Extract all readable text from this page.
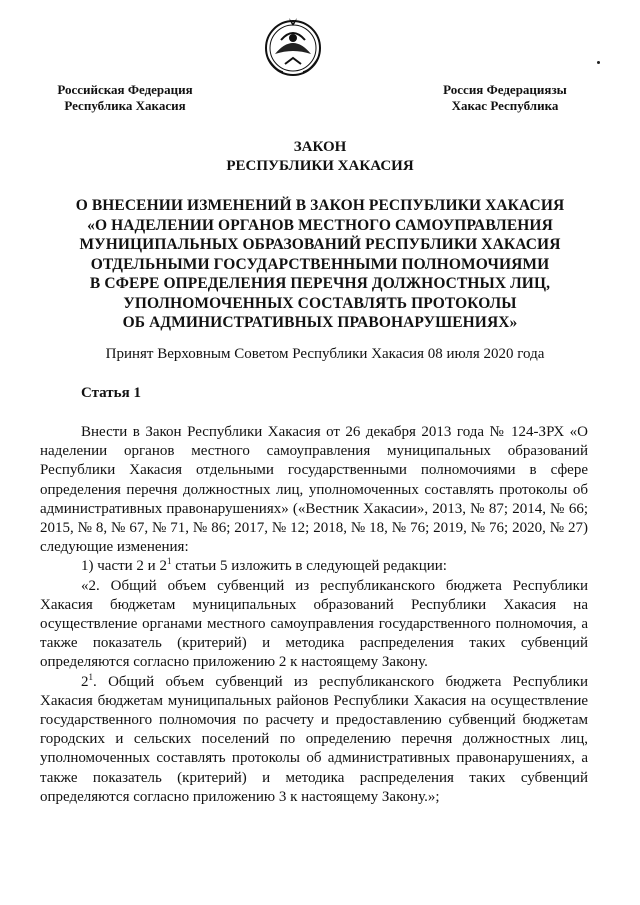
Российская Федерация
Республика Хакасия
Россия Федерациязы
Хакас Республика
ЗАКОН
РЕСПУБЛИКИ ХАКАСИЯ
О ВНЕСЕНИИ ИЗМЕНЕНИЙ В ЗАКОН РЕСПУБЛИКИ ХАКАСИЯ
«О НАДЕЛЕНИИ ОРГАНОВ МЕСТНОГО САМОУПРАВЛЕНИЯ
МУНИЦИПАЛЬНЫХ ОБРАЗОВАНИЙ РЕСПУБЛИКИ ХАКАСИЯ
ОТДЕЛЬНЫМИ ГОСУДАРСТВЕННЫМИ ПОЛНОМОЧИЯМИ
В СФЕРЕ ОПРЕДЕЛЕНИЯ ПЕРЕЧНЯ ДОЛЖНОСТНЫХ ЛИЦ,
УПОЛНОМОЧЕННЫХ СОСТАВЛЯТЬ ПРОТОКОЛЫ
ОБ АДМИНИСТРАТИВНЫХ ПРАВОНАРУШЕНИЯХ»
Принят Верховным Советом Республики Хакасия 08 июля 2020 года
Статья 1

Внести в Закон Республики Хакасия от 26 декабря 2013 года № 124-ЗРХ «О наделении органов местного самоуправления муниципальных образований Республики Хакасия отдельными государственными полномочиями в сфере определения перечня должностных лиц, уполномоченных составлять протоколы об административных правонарушениях» («Вестник Хакасии», 2013, № 87; 2014, № 66; 2015, № 8, № 67, № 71, № 86; 2017, № 12; 2018, № 18, № 76; 2019, № 76; 2020, № 27) следующие изменения:

1) части 2 и $2^1$ статьи 5 изложить в следующей редакции:

«2. Общий объем субвенций из республиканского бюджета Республики Хакасия бюджетам муниципальных образований Республики Хакасия на осуществление органами местного самоуправления государственного полномочия, а также показатель (критерий) и методика распределения таких субвенций определяются согласно приложению 2 к настоящему Закону.

$2^1$. Общий объем субвенций из республиканского бюджета Республики Хакасия бюджетам муниципальных районов Республики Хакасия на осуществление государственного полномочия по расчету и предоставлению субвенций бюджетам городских и сельских поселений по определению перечня должностных лиц, уполномоченных составлять протоколы об административных правонарушениях, а также показатель (критерий) и методика распределения таких субвенций определяются согласно приложению 3 к настоящему Закону.»;
